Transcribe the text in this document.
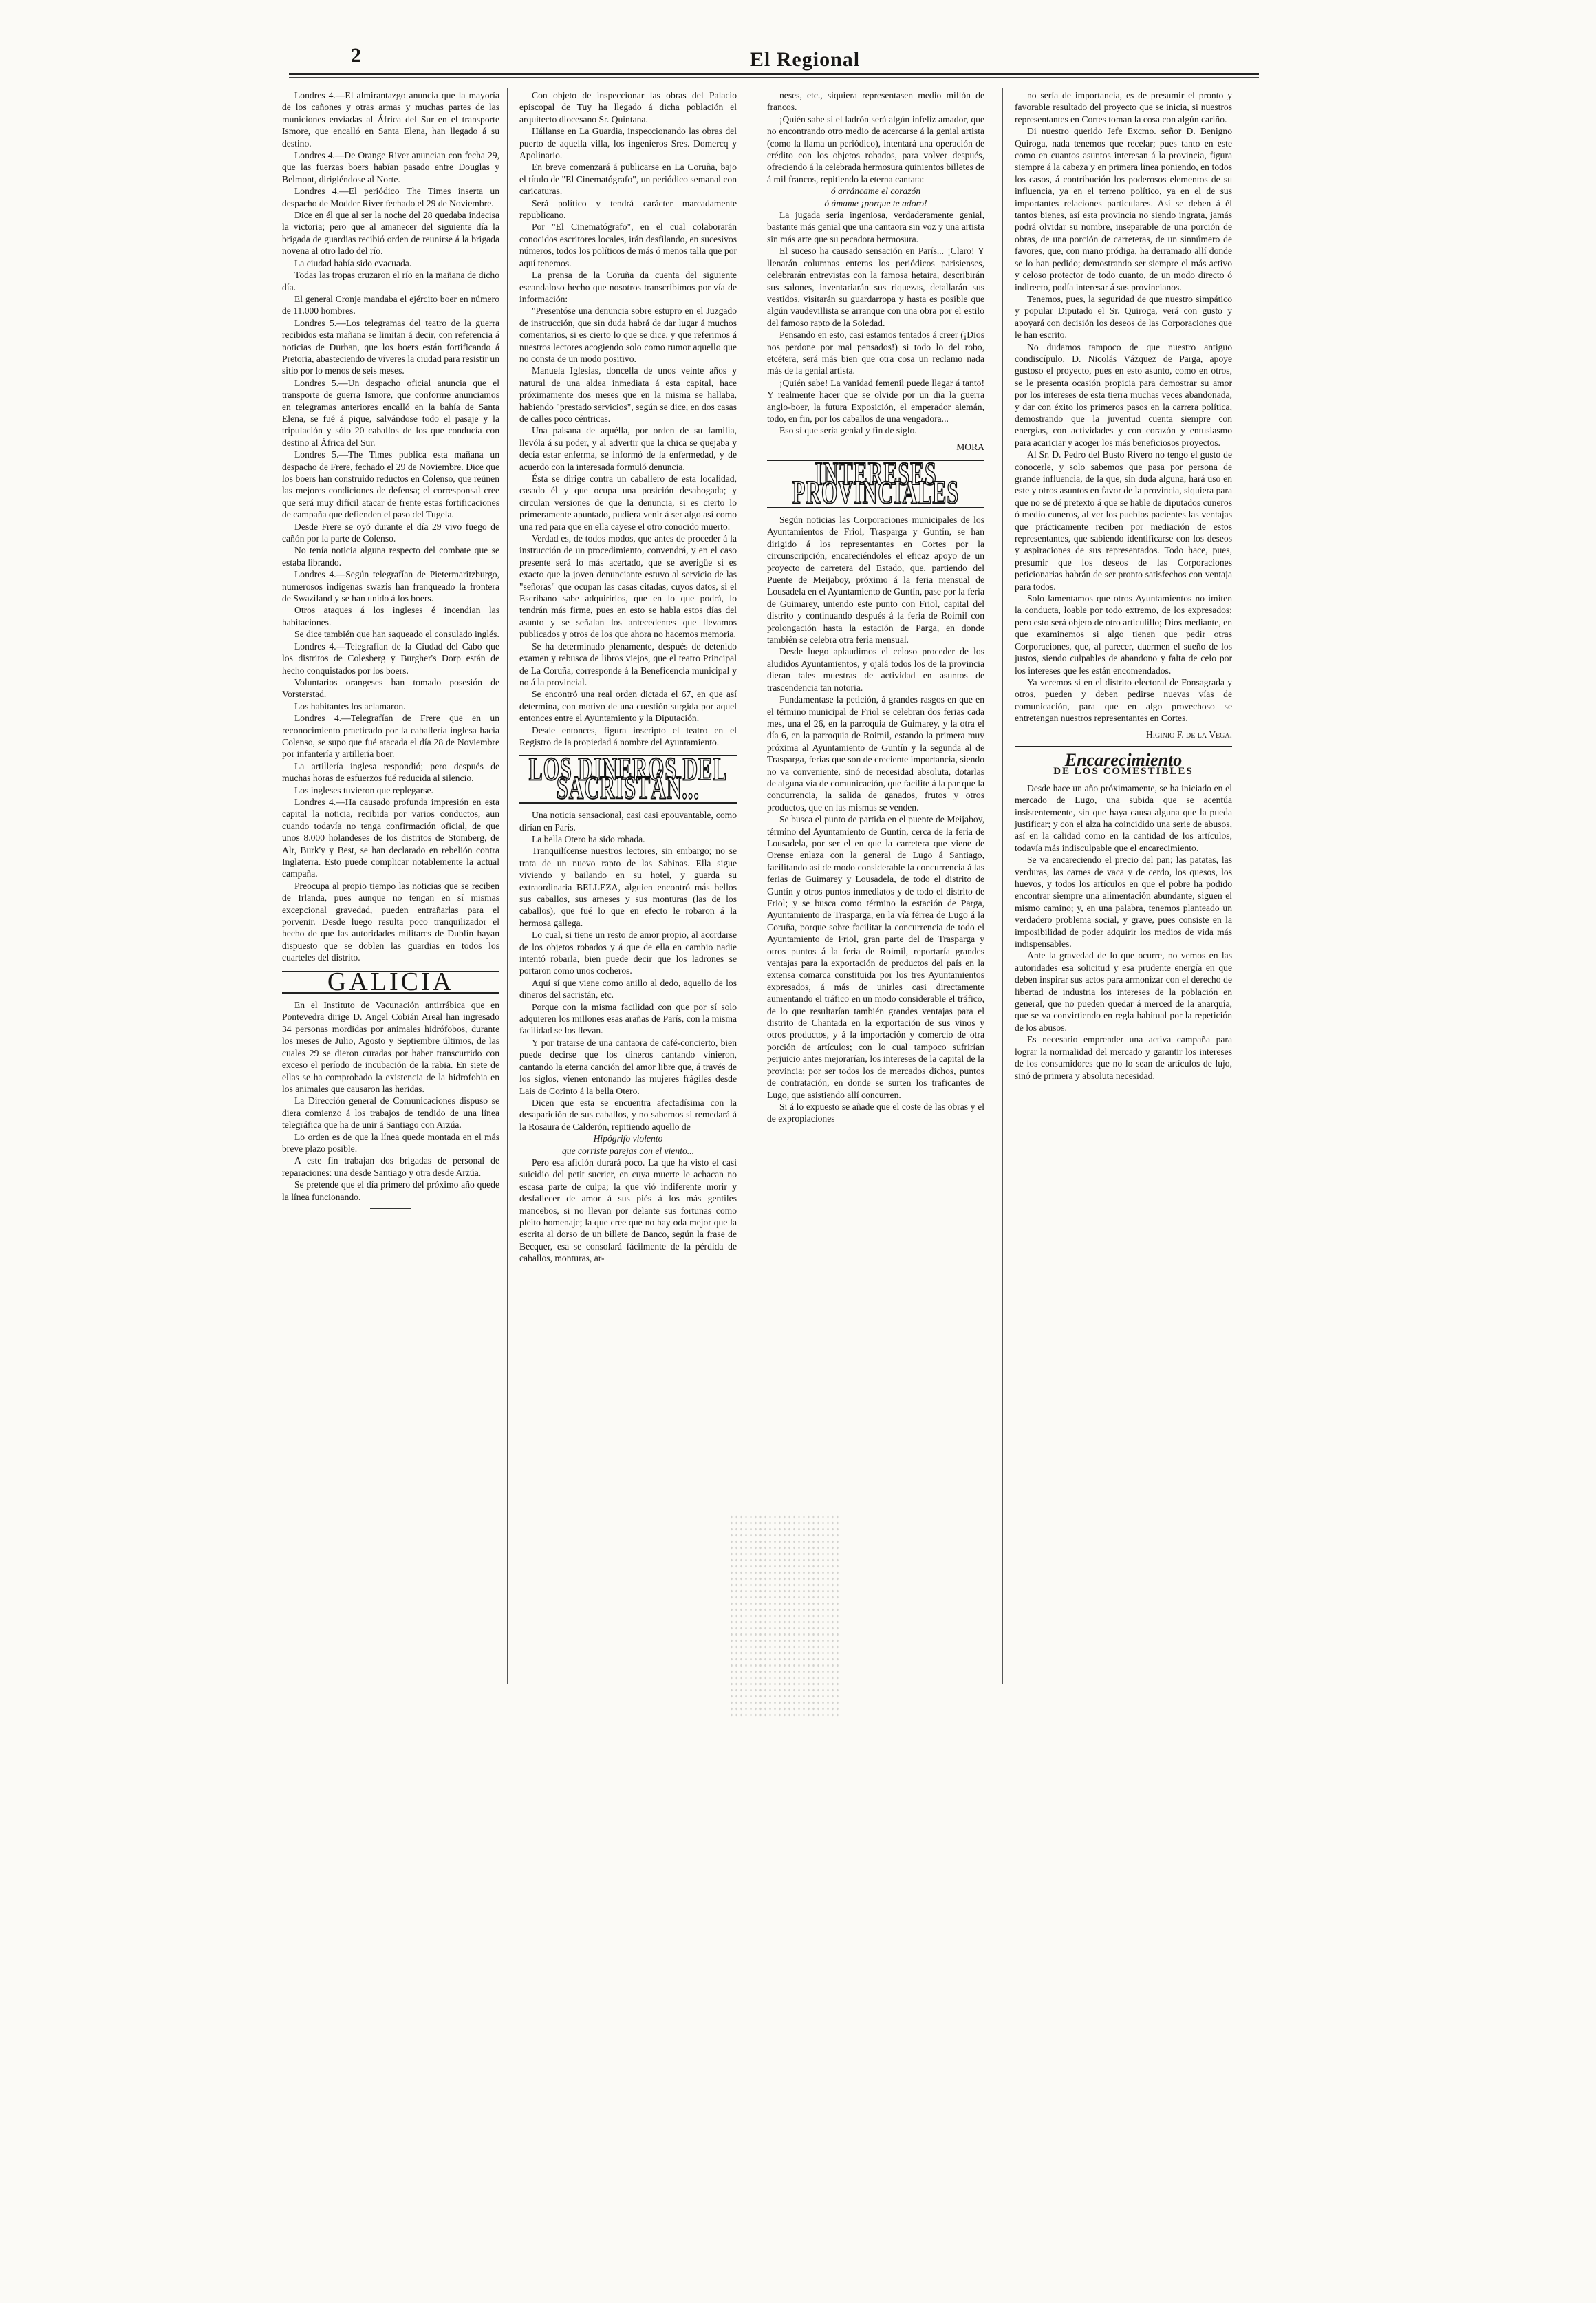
2	El Regional

Londres 4.—El almirantazgo anuncia que la mayoría de los cañones y otras armas y muchas partes de las municiones enviadas al África del Sur en el transporte Ismore, que encalló en Santa Elena, han llegado á su destino.

Londres 4.—De Orange River anuncian con fecha 29, que las fuerzas boers habían pasado entre Douglas y Belmont, dirigiéndose al Norte.

Londres 4.—El periódico The Times inserta un despacho de Modder River fechado el 29 de Noviembre.

Dice en él que al ser la noche del 28 quedaba indecisa la victoria; pero que al amanecer del siguiente día la brigada de guardias recibió orden de reunirse á la brigada novena al otro lado del río.

La ciudad había sido evacuada.

Todas las tropas cruzaron el río en la mañana de dicho día.

El general Cronje mandaba el ejército boer en número de 11.000 hombres.

Londres 5.—Los telegramas del teatro de la guerra recibidos esta mañana se limitan á decir, con referencia á noticias de Durban, que los boers están fortificando á Pretoria, abasteciendo de víveres la ciudad para resistir un sitio por lo menos de seis meses.

Londres 5.—Un despacho oficial anuncia que el transporte de guerra Ismore, que conforme anunciamos en telegramas anteriores encalló en la bahía de Santa Elena, se fué á pique, salvándose todo el pasaje y la tripulación y sólo 20 caballos de los que conducía con destino al África del Sur.

Londres 5.—The Times publica esta mañana un despacho de Frere, fechado el 29 de Noviembre. Dice que los boers han construido reductos en Colenso, que reúnen las mejores condiciones de defensa; el corresponsal cree que será muy difícil atacar de frente estas fortificaciones de campaña que defienden el paso del Tugela.

Desde Frere se oyó durante el día 29 vivo fuego de cañón por la parte de Colenso.

No tenía noticia alguna respecto del combate que se estaba librando.

Londres 4.—Según telegrafían de Pietermaritzburgo, numerosos indígenas swazis han franqueado la frontera de Swaziland y se han unido á los boers.

Otros ataques á los ingleses é incendian las habitaciones.

Se dice también que han saqueado el consulado inglés.

Londres 4.—Telegrafían de la Ciudad del Cabo que los distritos de Colesberg y Burgher's Dorp están de hecho conquistados por los boers.

Voluntarios orangeses han tomado posesión de Vorsterstad.

Los habitantes los aclamaron.

Londres 4.—Telegrafían de Frere que en un reconocimiento practicado por la caballería inglesa hacia Colenso, se supo que fué atacada el día 28 de Noviembre por infantería y artillería boer.

La artillería inglesa respondió; pero después de muchas horas de esfuerzos fué reducida al silencio.

Los ingleses tuvieron que replegarse.

Londres 4.—Ha causado profunda impresión en esta capital la noticia, recibida por varios conductos, aun cuando todavía no tenga confirmación oficial, de que unos 8.000 holandeses de los distritos de Stomberg, de Alr, Burk'y y Best, se han declarado en rebelión contra Inglaterra. Esto puede complicar notablemente la actual campaña.

Preocupa al propio tiempo las noticias que se reciben de Irlanda, pues aunque no tengan en sí mismas excepcional gravedad, pueden entrañarlas para el porvenir. Desde luego resulta poco tranquilizador el hecho de que las autoridades militares de Dublín hayan dispuesto que se doblen las guardias en todos los cuarteles del distrito.

GALICIA

En el Instituto de Vacunación antirrábica que en Pontevedra dirige D. Angel Cobián Areal han ingresado 34 personas mordidas por animales hidrófobos, durante los meses de Julio, Agosto y Septiembre últimos, de las cuales 29 se dieron curadas por haber transcurrido con exceso el período de incubación de la rabia. En siete de ellas se ha comprobado la existencia de la hidrofobia en los animales que causaron las heridas.

La Dirección general de Comunicaciones dispuso se diera comienzo á los trabajos de tendido de una línea telegráfica que ha de unir á Santiago con Arzúa.

Lo orden es de que la línea quede montada en el más breve plazo posible.

A este fin trabajan dos brigadas de personal de reparaciones: una desde Santiago y otra desde Arzúa.

Se pretende que el día primero del próximo año quede la línea funcionando.

Con objeto de inspeccionar las obras del Palacio episcopal de Tuy ha llegado á dicha población el arquitecto diocesano Sr. Quintana.

Hállanse en La Guardia, inspeccionando las obras del puerto de aquella villa, los ingenieros Sres. Domercq y Apolinario.

En breve comenzará á publicarse en La Coruña, bajo el título de "El Cinematógrafo", un periódico semanal con caricaturas.

Será político y tendrá carácter marcadamente republicano.

Por "El Cinematógrafo", en el cual colaborarán conocidos escritores locales, irán desfilando, en sucesivos números, todos los políticos de más ó menos talla que por aquí tenemos.

La prensa de la Coruña da cuenta del siguiente escandaloso hecho que nosotros transcribimos por vía de información:

"Presentóse una denuncia sobre estupro en el Juzgado de instrucción, que sin duda habrá de dar lugar á muchos comentarios, si es cierto lo que se dice, y que referimos á nuestros lectores acogiendo solo como rumor aquello que no consta de un modo positivo.

Manuela Iglesias, doncella de unos veinte años y natural de una aldea inmediata á esta capital, hace próximamente dos meses que en la misma se hallaba, habiendo "prestado servicios", según se dice, en dos casas de calles poco céntricas.

Una paisana de aquélla, por orden de su familia, llevóla á su poder, y al advertir que la chica se quejaba y decía estar enferma, se informó de la enfermedad, y de acuerdo con la interesada formuló denuncia.

Ésta se dirige contra un caballero de esta localidad, casado él y que ocupa una posición desahogada; y circulan versiones de que la denuncia, si es cierto lo primeramente apuntado, pudiera venir á ser algo así como una red para que en ella cayese el otro conocido muerto.

Verdad es, de todos modos, que antes de proceder á la instrucción de un procedimiento, convendrá, y en el caso presente será lo más acertado, que se averigüe si es exacto que la joven denunciante estuvo al servicio de las "señoras" que ocupan las casas citadas, cuyos datos, si el Escribano sabe adquirirlos, que en lo que podrá, lo tendrán más firme, pues en esto se habla estos días del asunto y se señalan los antecedentes que llevamos publicados y otros de los que ahora no hacemos memoria.

Se ha determinado plenamente, después de detenido examen y rebusca de libros viejos, que el teatro Principal de La Coruña, corresponde á la Beneficencia municipal y no á la provincial.

Se encontró una real orden dictada el 67, en que así determina, con motivo de una cuestión surgida por aquel entonces entre el Ayuntamiento y la Diputación.

Desde entonces, figura inscripto el teatro en el Registro de la propiedad á nombre del Ayuntamiento.

LOS DINEROS DEL SACRISTÁN...

Una noticia sensacional, casi casi epouvantable, como dirían en París.

La bella Otero ha sido robada.

Tranquilícense nuestros lectores, sin embargo; no se trata de un nuevo rapto de las Sabinas. Ella sigue viviendo y bailando en su hotel, y guarda su extraordinaria BELLEZA, alguien encontró más bellos sus caballos, sus arneses y sus monturas (las de los caballos), que fué lo que en efecto le robaron á la hermosa gallega.

Lo cual, si tiene un resto de amor propio, al acordarse de los objetos robados y á que de ella en cambio nadie intentó robarla, bien puede decir que los ladrones se portaron como unos cocheros.

Aquí sí que viene como anillo al dedo, aquello de los dineros del sacristán, etc.

Porque con la misma facilidad con que por sí solo adquieren los millones esas arañas de París, con la misma facilidad se los llevan.

Y por tratarse de una cantaora de café-concierto, bien puede decirse que los dineros cantando vinieron, cantando la eterna canción del amor libre que, á través de los siglos, vienen entonando las mujeres frágiles desde Lais de Corinto á la bella Otero.

Dicen que esta se encuentra afectadísima con la desaparición de sus caballos, y no sabemos si remedará á la Rosaura de Calderón, repitiendo aquello de

Hipógrifo violento

que corriste parejas con el viento...

Pero esa afición durará poco. La que ha visto el casi suicidio del petit sucrier, en cuya muerte le achacan no escasa parte de culpa; la que vió indiferente morir y desfallecer de amor á sus piés á los más gentiles mancebos, si no llevan por delante sus fortunas como pleito homenaje; la que cree que no hay oda mejor que la escrita al dorso de un billete de Banco, según la frase de Becquer, esa se consolará fácilmente de la pérdida de caballos, monturas, ar-

neses, etc., siquiera representasen medio millón de francos.

¡Quién sabe si el ladrón será algún infeliz amador, que no encontrando otro medio de acercarse á la genial artista (como la llama un periódico), intentará una operación de crédito con los objetos robados, para volver después, ofreciendo á la celebrada hermosura quinientos billetes de á mil francos, repitiendo la eterna cantata:

ó arráncame el corazón

ó ámame ¡porque te adoro!

La jugada sería ingeniosa, verdaderamente genial, bastante más genial que una cantaora sin voz y una artista sin más arte que su pecadora hermosura.

El suceso ha causado sensación en París... ¡Claro! Y llenarán columnas enteras los periódicos parisienses, celebrarán entrevistas con la famosa hetaira, describirán sus salones, inventariarán sus riquezas, detallarán sus vestidos, visitarán su guardarropa y hasta es posible que algún vaudevillista se arranque con una obra por el estilo del famoso rapto de la Soledad.

Pensando en esto, casi estamos tentados á creer (¡Dios nos perdone por mal pensados!) si todo lo del robo, etcétera, será más bien que otra cosa un reclamo nada más de la genial artista.

¡Quién sabe! La vanidad femenil puede llegar á tanto! Y realmente hacer que se olvide por un día la guerra anglo-boer, la futura Exposición, el emperador alemán, todo, en fin, por los caballos de una vengadora...

Eso sí que sería genial y fin de siglo.

MORA

INTERESES PROVINCIALES

Según noticias las Corporaciones municipales de los Ayuntamientos de Friol, Trasparga y Guntín, se han dirigido á los representantes en Cortes por la circunscripción, encareciéndoles el eficaz apoyo de un proyecto de carretera del Estado, que, partiendo del Puente de Meijaboy, próximo á la feria mensual de Lousadela en el Ayuntamiento de Guntín, pase por la feria de Guimarey, uniendo este punto con Friol, capital del distrito y continuando después á la feria de Roimil con prolongación hasta la estación de Parga, en donde también se celebra otra feria mensual.

Desde luego aplaudimos el celoso proceder de los aludidos Ayuntamientos, y ojalá todos los de la provincia dieran tales muestras de actividad en asuntos de trascendencia tan notoria.

Fundamentase la petición, á grandes rasgos en que en el término municipal de Friol se celebran dos ferias cada mes, una el 26, en la parroquia de Guimarey, y la otra el día 6, en la parroquia de Roimil, estando la primera muy próxima al Ayuntamiento de Guntín y la segunda al de Trasparga, ferias que son de creciente importancia, siendo no va conveniente, sinó de necesidad absoluta, dotarlas de alguna vía de comunicación, que facilite á la par que la concurrencia, la salida de ganados, frutos y otros productos, que en las mismas se venden.

Se busca el punto de partida en el puente de Meijaboy, término del Ayuntamiento de Guntín, cerca de la feria de Lousadela, por ser el en que la carretera que viene de Orense enlaza con la general de Lugo á Santiago, facilitando así de modo considerable la concurrencia á las ferias de Guimarey y Lousadela, de todo el distrito de Guntín y otros puntos inmediatos y de todo el distrito de Friol; y se busca como término la estación de Parga, Ayuntamiento de Trasparga, en la vía férrea de Lugo á la Coruña, porque sobre facilitar la concurrencia de todo el Ayuntamiento de Friol, gran parte del de Trasparga y otros puntos á la feria de Roimil, reportaría grandes ventajas para la exportación de productos del país en la extensa comarca constituida por los tres Ayuntamientos expresados, á más de unirles casi directamente aumentando el tráfico en un modo considerable el tráfico, de lo que resultarían también grandes ventajas para el distrito de Chantada en la exportación de sus vinos y otros productos, y á la importación y comercio de otra porción de artículos; con lo cual tampoco sufrirían perjuicio antes mejorarían, los intereses de la capital de la provincia; por ser todos los de mercados dichos, puntos de contratación, en donde se surten los traficantes de Lugo, que asistiendo allí concurren.

Si á lo expuesto se añade que el coste de las obras y el de expropiaciones

no sería de importancia, es de presumir el pronto y favorable resultado del proyecto que se inicia, si nuestros representantes en Cortes toman la cosa con algún cariño.

Di nuestro querido Jefe Excmo. señor D. Benigno Quiroga, nada tenemos que recelar; pues tanto en este como en cuantos asuntos interesan á la provincia, figura siempre á la cabeza y en primera línea poniendo, en todos los casos, á contribución los poderosos elementos de su influencia, ya en el terreno político, ya en el de sus importantes relaciones particulares. Así se deben á él tantos bienes, así esta provincia no siendo ingrata, jamás podrá olvidar su nombre, inseparable de una porción de obras, de una porción de carreteras, de un sinnúmero de favores, que, con mano pródiga, ha derramado allí donde se lo han pedido; demostrando ser siempre el más activo y celoso protector de todo cuanto, de un modo directo ó indirecto, podía interesar á sus provincianos.

Tenemos, pues, la seguridad de que nuestro simpático y popular Diputado el Sr. Quiroga, verá con gusto y apoyará con decisión los deseos de las Corporaciones que le han escrito.

No dudamos tampoco de que nuestro antiguo condiscípulo, D. Nicolás Vázquez de Parga, apoye gustoso el proyecto, pues en esto asunto, como en otros, se le presenta ocasión propicia para demostrar su amor por los intereses de esta tierra muchas veces abandonada, y dar con éxito los primeros pasos en la carrera política, demostrando que la juventud cuenta siempre con energías, con actividades y con corazón y entusiasmo para acariciar y acoger los más beneficiosos proyectos.

Al Sr. D. Pedro del Busto Rivero no tengo el gusto de conocerle, y solo sabemos que pasa por persona de grande influencia, de la que, sin duda alguna, hará uso en este y otros asuntos en favor de la provincia, siquiera para que no se dé pretexto á que se hable de diputados cuneros ó medio cuneros, al ver los pueblos pacientes las ventajas que prácticamente reciben por mediación de estos representantes, que sabiendo identificarse con los deseos y aspiraciones de sus representados. Todo hace, pues, presumir que los deseos de las Corporaciones peticionarias habrán de ser pronto satisfechos con ventaja para todos.

Solo lamentamos que otros Ayuntamientos no imiten la conducta, loable por todo extremo, de los expresados; pero esto será objeto de otro articulillo; Dios mediante, en que examinemos si algo tienen que pedir otras Corporaciones, que, al parecer, duermen el sueño de los justos, siendo culpables de abandono y falta de celo por los intereses que les están encomendados.

Ya veremos si en el distrito electoral de Fonsagrada y otros, pueden y deben pedirse nuevas vías de comunicación, para que en algo provechoso se entretengan nuestros representantes en Cortes.

Higinio F. de la Vega.

Encarecimiento
DE LOS COMESTIBLES

Desde hace un año próximamente, se ha iniciado en el mercado de Lugo, una subida que se acentúa insistentemente, sin que haya causa alguna que la pueda justificar; y con el alza ha coincidido una serie de abusos, así en la calidad como en la cantidad de los artículos, todavía más indisculpable que el encarecimiento.

Se va encareciendo el precio del pan; las patatas, las verduras, las carnes de vaca y de cerdo, los quesos, los huevos, y todos los artículos en que el pobre ha podido encontrar siempre una alimentación abundante, siguen el mismo camino; y, en una palabra, tenemos planteado un verdadero problema social, y grave, pues consiste en la imposibilidad de poder adquirir los medios de vida más indispensables.

Ante la gravedad de lo que ocurre, no vemos en las autoridades esa solicitud y esa prudente energía en que deben inspirar sus actos para armonizar con el derecho de libertad de industria los intereses de la población en general, que no pueden quedar á merced de la anarquía, que se va convirtiendo en regla habitual por la repetición de los abusos.

Es necesario emprender una activa campaña para lograr la normalidad del mercado y garantir los intereses de los consumidores que no lo sean de artículos de lujo, sinó de primera y absoluta necesidad.
